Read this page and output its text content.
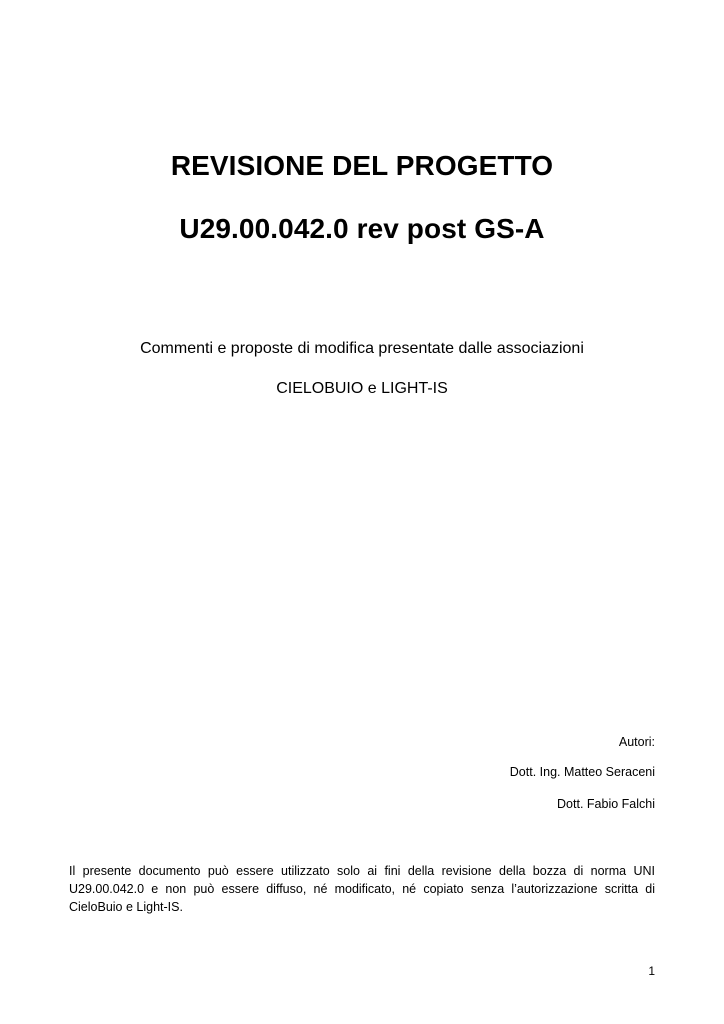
REVISIONE DEL PROGETTO
U29.00.042.0 rev post GS-A
Commenti e proposte di modifica presentate dalle associazioni
CIELOBUIO e LIGHT-IS
Autori:
Dott. Ing. Matteo Seraceni
Dott. Fabio Falchi
Il presente documento può essere utilizzato solo ai fini della revisione della bozza di norma UNI U29.00.042.0 e non può essere diffuso, né modificato, né copiato senza l’autorizzazione scritta di CieloBuio e Light-IS.
1
